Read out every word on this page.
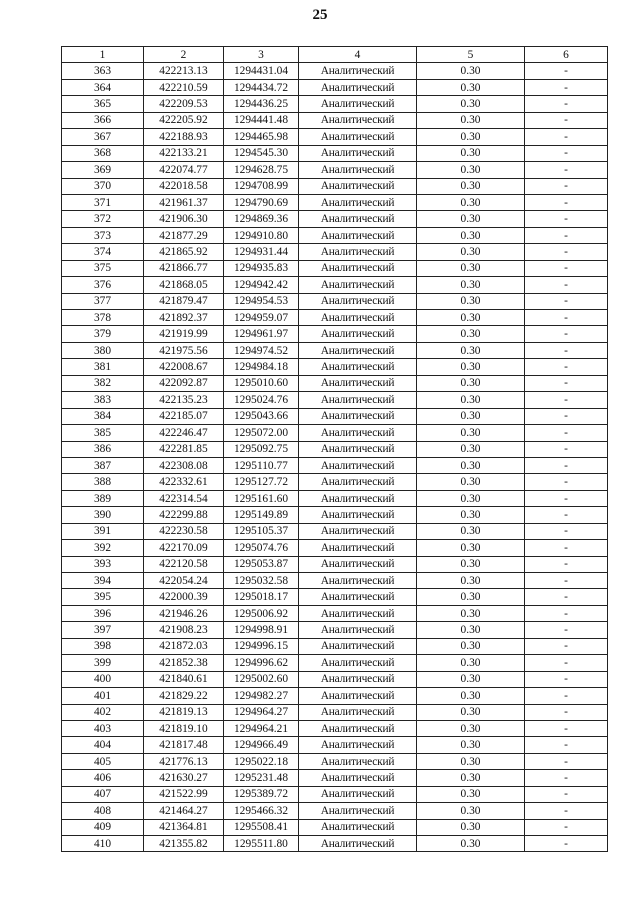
25
1	2	3	4	5	6
363	422213.13	1294431.04	Аналитический	0.30	-
364	422210.59	1294434.72	Аналитический	0.30	-
365	422209.53	1294436.25	Аналитический	0.30	-
366	422205.92	1294441.48	Аналитический	0.30	-
367	422188.93	1294465.98	Аналитический	0.30	-
368	422133.21	1294545.30	Аналитический	0.30	-
369	422074.77	1294628.75	Аналитический	0.30	-
370	422018.58	1294708.99	Аналитический	0.30	-
371	421961.37	1294790.69	Аналитический	0.30	-
372	421906.30	1294869.36	Аналитический	0.30	-
373	421877.29	1294910.80	Аналитический	0.30	-
374	421865.92	1294931.44	Аналитический	0.30	-
375	421866.77	1294935.83	Аналитический	0.30	-
376	421868.05	1294942.42	Аналитический	0.30	-
377	421879.47	1294954.53	Аналитический	0.30	-
378	421892.37	1294959.07	Аналитический	0.30	-
379	421919.99	1294961.97	Аналитический	0.30	-
380	421975.56	1294974.52	Аналитический	0.30	-
381	422008.67	1294984.18	Аналитический	0.30	-
382	422092.87	1295010.60	Аналитический	0.30	-
383	422135.23	1295024.76	Аналитический	0.30	-
384	422185.07	1295043.66	Аналитический	0.30	-
385	422246.47	1295072.00	Аналитический	0.30	-
386	422281.85	1295092.75	Аналитический	0.30	-
387	422308.08	1295110.77	Аналитический	0.30	-
388	422332.61	1295127.72	Аналитический	0.30	-
389	422314.54	1295161.60	Аналитический	0.30	-
390	422299.88	1295149.89	Аналитический	0.30	-
391	422230.58	1295105.37	Аналитический	0.30	-
392	422170.09	1295074.76	Аналитический	0.30	-
393	422120.58	1295053.87	Аналитический	0.30	-
394	422054.24	1295032.58	Аналитический	0.30	-
395	422000.39	1295018.17	Аналитический	0.30	-
396	421946.26	1295006.92	Аналитический	0.30	-
397	421908.23	1294998.91	Аналитический	0.30	-
398	421872.03	1294996.15	Аналитический	0.30	-
399	421852.38	1294996.62	Аналитический	0.30	-
400	421840.61	1295002.60	Аналитический	0.30	-
401	421829.22	1294982.27	Аналитический	0.30	-
402	421819.13	1294964.27	Аналитический	0.30	-
403	421819.10	1294964.21	Аналитический	0.30	-
404	421817.48	1294966.49	Аналитический	0.30	-
405	421776.13	1295022.18	Аналитический	0.30	-
406	421630.27	1295231.48	Аналитический	0.30	-
407	421522.99	1295389.72	Аналитический	0.30	-
408	421464.27	1295466.32	Аналитический	0.30	-
409	421364.81	1295508.41	Аналитический	0.30	-
410	421355.82	1295511.80	Аналитический	0.30	-
